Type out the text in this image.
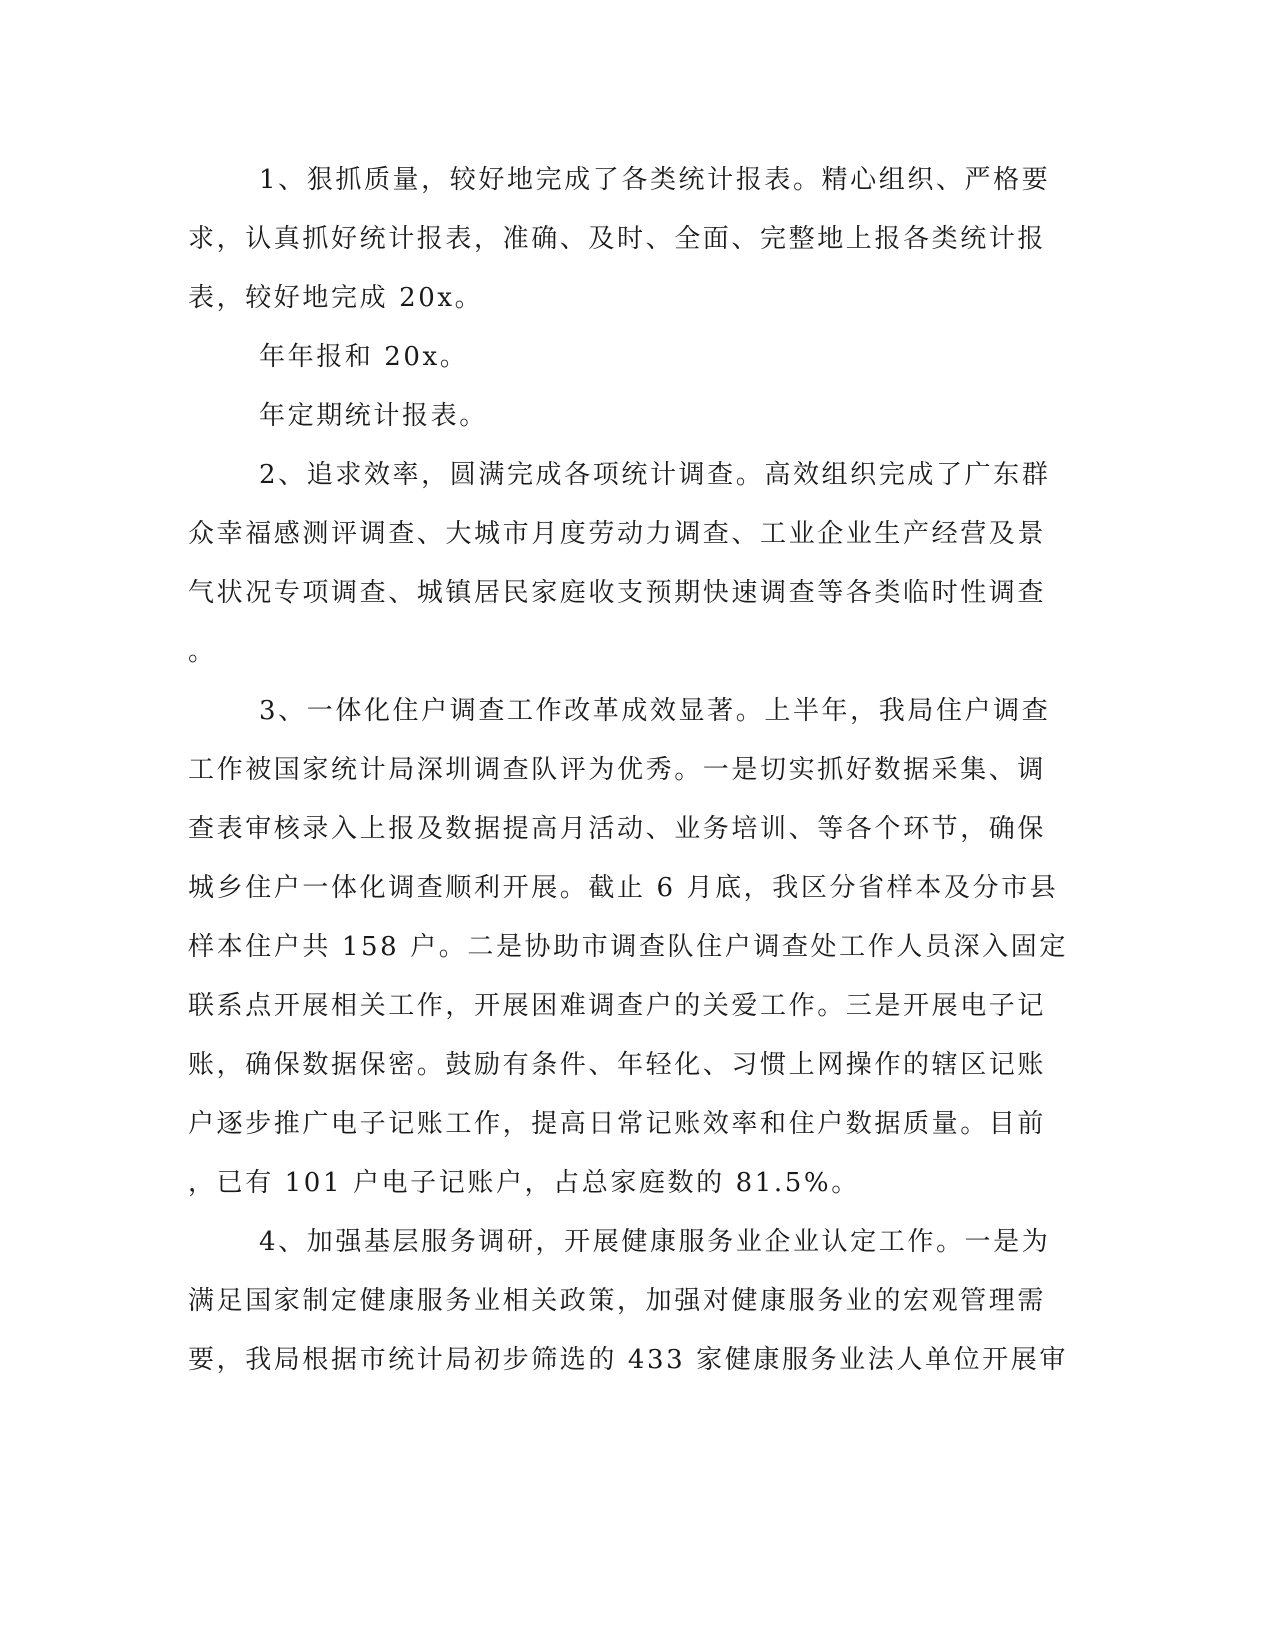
1、狠抓质量，较好地完成了各类统计报表。精心组织、严格要
求，认真抓好统计报表，准确、及时、全面、完整地上报各类统计报
表，较好地完成 20x。
年年报和 20x。
年定期统计报表。
2、追求效率，圆满完成各项统计调查。高效组织完成了广东群
众幸福感测评调查、大城市月度劳动力调查、工业企业生产经营及景
气状况专项调查、城镇居民家庭收支预期快速调查等各类临时性调查
。
3、一体化住户调查工作改革成效显著。上半年，我局住户调查
工作被国家统计局深圳调查队评为优秀。一是切实抓好数据采集、调
查表审核录入上报及数据提高月活动、业务培训、等各个环节，确保
城乡住户一体化调查顺利开展。截止 6 月底，我区分省样本及分市县
样本住户共 158 户。二是协助市调查队住户调查处工作人员深入固定
联系点开展相关工作，开展困难调查户的关爱工作。三是开展电子记
账，确保数据保密。鼓励有条件、年轻化、习惯上网操作的辖区记账
户逐步推广电子记账工作，提高日常记账效率和住户数据质量。目前
，已有 101 户电子记账户，占总家庭数的 81.5%。
4、加强基层服务调研，开展健康服务业企业认定工作。一是为
满足国家制定健康服务业相关政策，加强对健康服务业的宏观管理需
要，我局根据市统计局初步筛选的 433 家健康服务业法人单位开展审
